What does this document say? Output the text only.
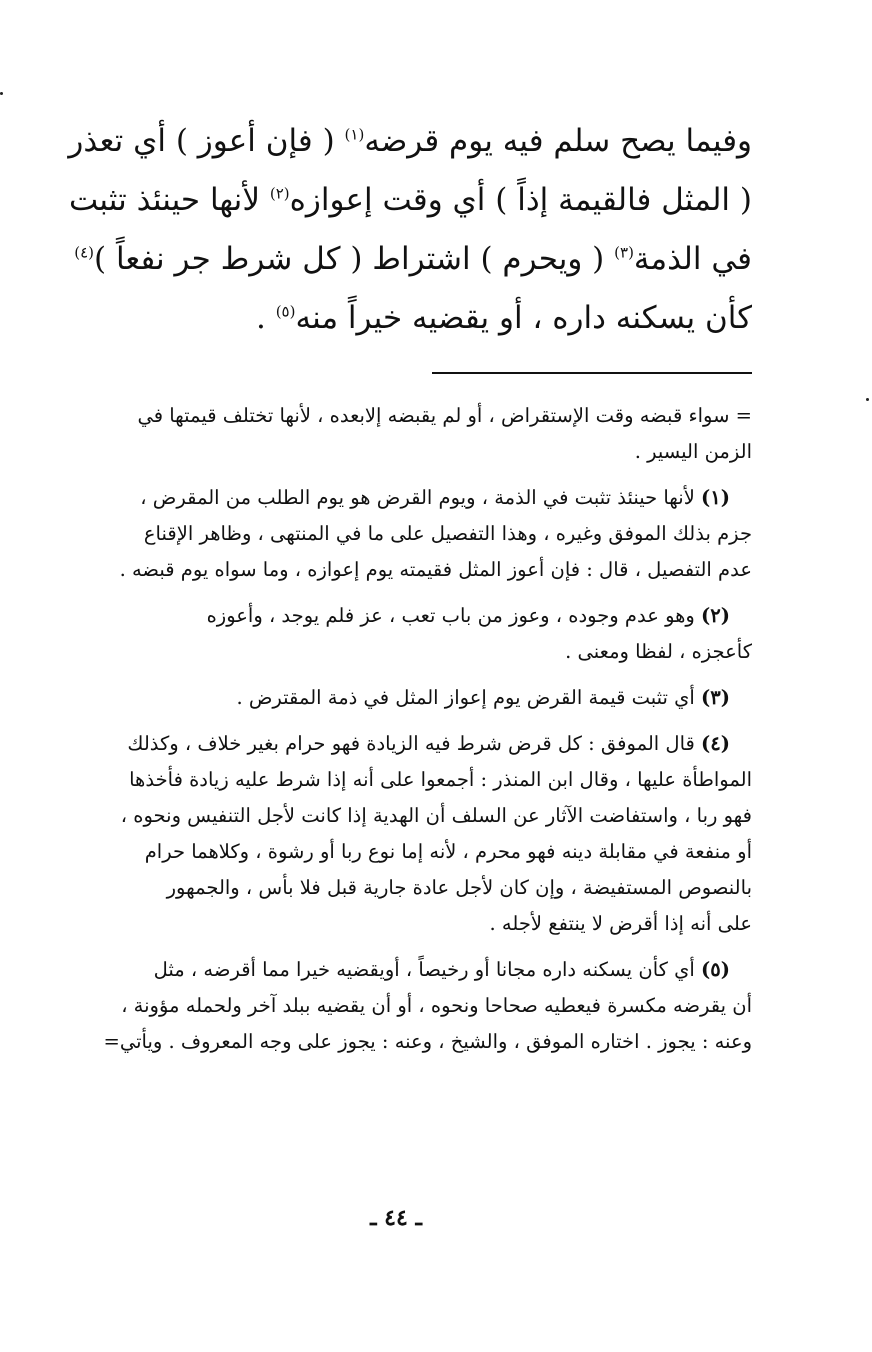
وفيما يصح سلم فيه يوم قرضه$^{(١)}$ ( فإن أعوز ) أي تعذر
( المثل فالقيمة إذاً ) أي وقت إعوازه$^{(٢)}$ لأنها حينئذ تثبت
في الذمة$^{(٣)}$ ( ويحرم ) اشتراط ( كل شرط جر نفعاً )$^{(٤)}$
كأن يسكنه داره ، أو يقضيه خيراً منه$^{(٥)}$ .
= سواء قبضه وقت الإستقراض ، أو لم يقبضه إلابعده ، لأنها تختلف قيمتها في
الزمن اليسير .
(١) لأنها حينئذ تثبت في الذمة ، ويوم القرض هو يوم الطلب من المقرض ،
جزم بذلك الموفق وغيره ، وهذا التفصيل على ما في المنتهى ، وظاهر الإقناع
عدم التفصيل ، قال : فإن أعوز المثل فقيمته يوم إعوازه ، وما سواه يوم قبضه .
(٢) وهو عدم وجوده ، وعوز من باب تعب ، عز فلم يوجد ، وأعوزه
كأعجزه ، لفظا ومعنى .
(٣) أي تثبت قيمة القرض يوم إعواز المثل في ذمة المقترض .
(٤) قال الموفق : كل قرض شرط فيه الزيادة فهو حرام بغير خلاف ، وكذلك
المواطأة عليها ، وقال ابن المنذر : أجمعوا على أنه إذا شرط عليه زيادة فأخذها
فهو ربا ، واستفاضت الآثار عن السلف أن الهدية إذا كانت لأجل التنفيس ونحوه ،
أو منفعة في مقابلة دينه فهو محرم ، لأنه إما نوع ربا أو رشوة ، وكلاهما حرام
بالنصوص المستفيضة ، وإن كان لأجل عادة جارية قبل فلا بأس ، والجمهور
على أنه إذا أقرض لا ينتفع لأجله .
(٥) أي كأن يسكنه داره مجانا أو رخيصاً ، أويقضيه خيرا مما أقرضه ، مثل
أن يقرضه مكسرة فيعطيه صحاحا ونحوه ، أو أن يقضيه ببلد آخر ولحمله مؤونة ،
وعنه : يجوز . اختاره الموفق ، والشيخ ، وعنه : يجوز على وجه المعروف . ويأتي=
ـ ٤٤ ـ
